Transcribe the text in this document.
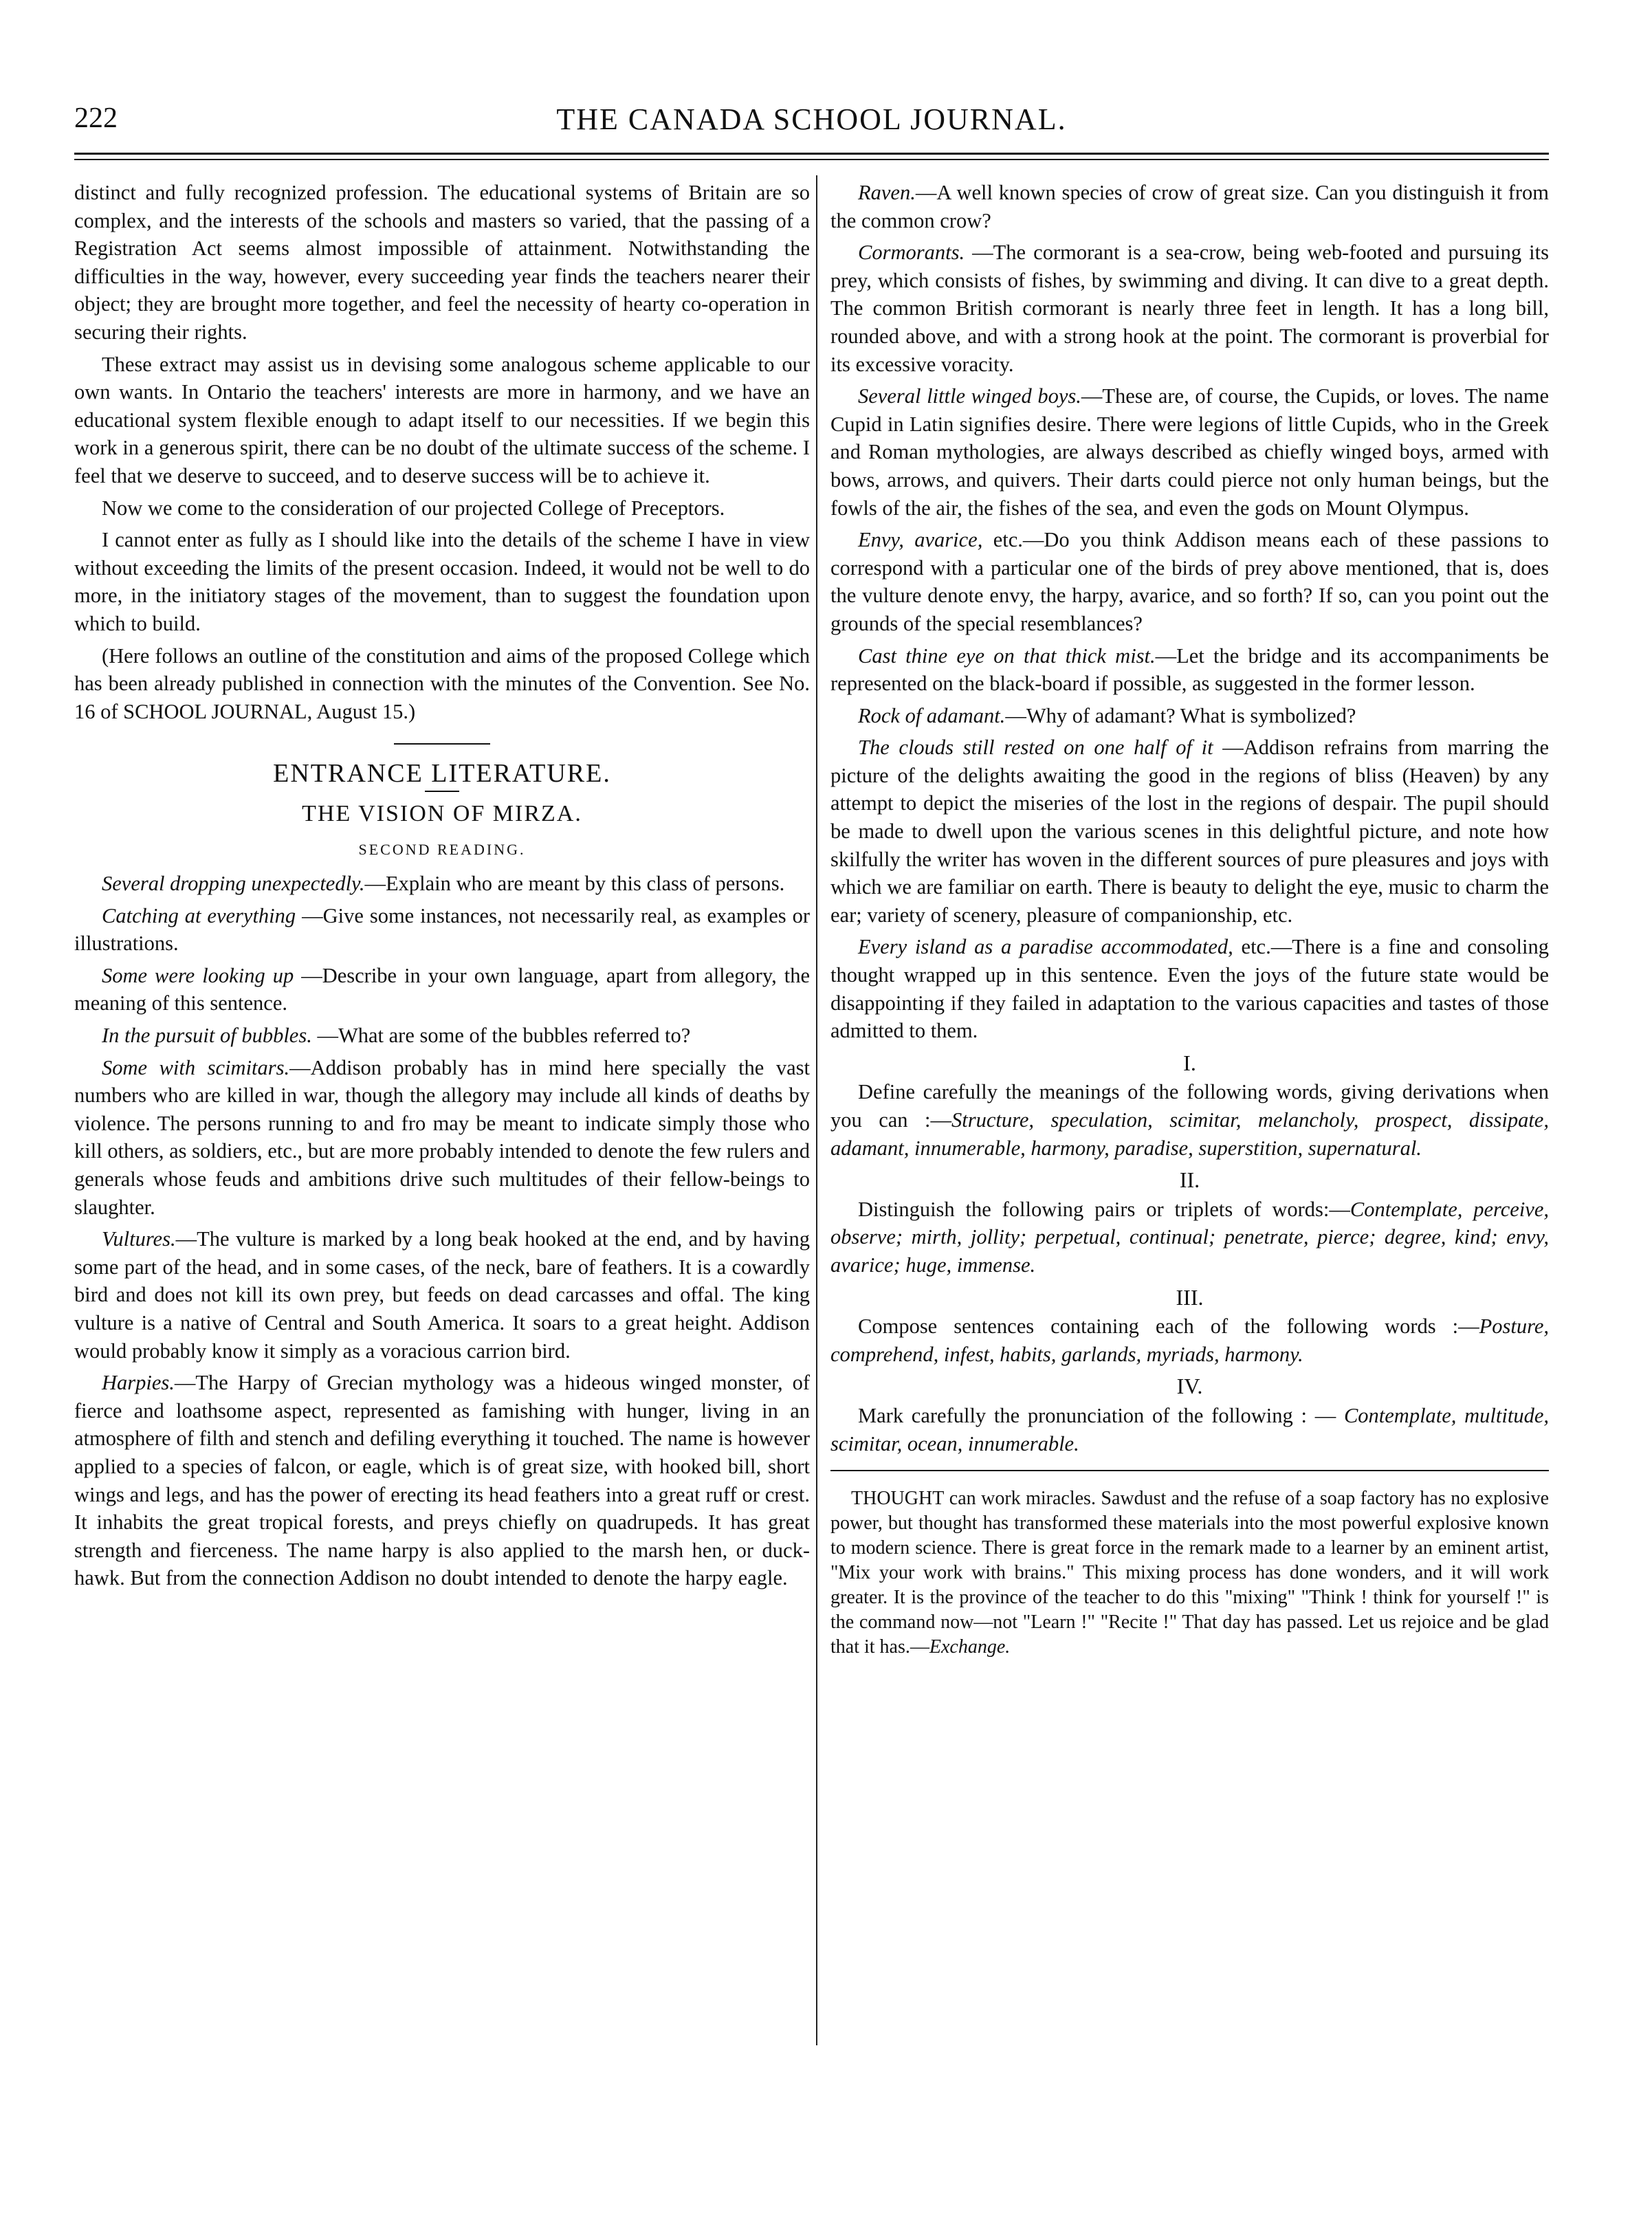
222	THE CANADA SCHOOL JOURNAL.

distinct and fully recognized profession. The educational systems of Britain are so complex, and the interests of the schools and masters so varied, that the passing of a Registration Act seems almost impossible of attainment. Notwithstanding the difficulties in the way, however, every succeeding year finds the teachers nearer their object; they are brought more together, and feel the necessity of hearty co-operation in securing their rights.

These extract may assist us in devising some analogous scheme applicable to our own wants. In Ontario the teachers' interests are more in harmony, and we have an educational system flexible enough to adapt itself to our necessities. If we begin this work in a generous spirit, there can be no doubt of the ultimate success of the scheme. I feel that we deserve to succeed, and to deserve success will be to achieve it.

Now we come to the consideration of our projected College of Preceptors.

I cannot enter as fully as I should like into the details of the scheme I have in view without exceeding the limits of the present occasion. Indeed, it would not be well to do more, in the initiatory stages of the movement, than to suggest the foundation upon which to build.

(Here follows an outline of the constitution and aims of the proposed College which has been already published in connection with the minutes of the Convention. See No. 16 of SCHOOL JOURNAL, August 15.)

ENTRANCE LITERATURE.
THE VISION OF MIRZA.
SECOND READING.

Several dropping unexpectedly.—Explain who are meant by this class of persons.

Catching at everything —Give some instances, not necessarily real, as examples or illustrations.

Some were looking up —Describe in your own language, apart from allegory, the meaning of this sentence.

In the pursuit of bubbles. —What are some of the bubbles referred to?

Some with scimitars.—Addison probably has in mind here specially the vast numbers who are killed in war, though the allegory may include all kinds of deaths by violence. The persons running to and fro may be meant to indicate simply those who kill others, as soldiers, etc., but are more probably intended to denote the few rulers and generals whose feuds and ambitions drive such multitudes of their fellow-beings to slaughter.

Vultures.—The vulture is marked by a long beak hooked at the end, and by having some part of the head, and in some cases, of the neck, bare of feathers. It is a cowardly bird and does not kill its own prey, but feeds on dead carcasses and offal. The king vulture is a native of Central and South America. It soars to a great height. Addison would probably know it simply as a voracious carrion bird.

Harpies.—The Harpy of Grecian mythology was a hideous winged monster, of fierce and loathsome aspect, represented as famishing with hunger, living in an atmosphere of filth and stench and defiling everything it touched. The name is however applied to a species of falcon, or eagle, which is of great size, with hooked bill, short wings and legs, and has the power of erecting its head feathers into a great ruff or crest. It inhabits the great tropical forests, and preys chiefly on quadrupeds. It has great strength and fierceness. The name harpy is also applied to the marsh hen, or duck-hawk. But from the connection Addison no doubt intended to denote the harpy eagle.

Raven.—A well known species of crow of great size. Can you distinguish it from the common crow?

Cormorants. —The cormorant is a sea-crow, being web-footed and pursuing its prey, which consists of fishes, by swimming and diving. It can dive to a great depth. The common British cormorant is nearly three feet in length. It has a long bill, rounded above, and with a strong hook at the point. The cormorant is proverbial for its excessive voracity.

Several little winged boys.—These are, of course, the Cupids, or loves. The name Cupid in Latin signifies desire. There were legions of little Cupids, who in the Greek and Roman mythologies, are always described as chiefly winged boys, armed with bows, arrows, and quivers. Their darts could pierce not only human beings, but the fowls of the air, the fishes of the sea, and even the gods on Mount Olympus.

Envy, avarice, etc.—Do you think Addison means each of these passions to correspond with a particular one of the birds of prey above mentioned, that is, does the vulture denote envy, the harpy, avarice, and so forth? If so, can you point out the grounds of the special resemblances?

Cast thine eye on that thick mist.—Let the bridge and its accompaniments be represented on the black-board if possible, as suggested in the former lesson.

Rock of adamant.—Why of adamant? What is symbolized?

The clouds still rested on one half of it —Addison refrains from marring the picture of the delights awaiting the good in the regions of bliss (Heaven) by any attempt to depict the miseries of the lost in the regions of despair. The pupil should be made to dwell upon the various scenes in this delightful picture, and note how skilfully the writer has woven in the different sources of pure pleasures and joys with which we are familiar on earth. There is beauty to delight the eye, music to charm the ear; variety of scenery, pleasure of companionship, etc.

Every island as a paradise accommodated, etc.—There is a fine and consoling thought wrapped up in this sentence. Even the joys of the future state would be disappointing if they failed in adaptation to the various capacities and tastes of those admitted to them.

I.

Define carefully the meanings of the following words, giving derivations when you can :—Structure, speculation, scimitar, melancholy, prospect, dissipate, adamant, innumerable, harmony, paradise, superstition, supernatural.

II.

Distinguish the following pairs or triplets of words:—Contemplate, perceive, observe; mirth, jollity; perpetual, continual; penetrate, pierce; degree, kind; envy, avarice; huge, immense.

III.

Compose sentences containing each of the following words :—Posture, comprehend, infest, habits, garlands, myriads, harmony.

IV.

Mark carefully the pronunciation of the following : — Contemplate, multitude, scimitar, ocean, innumerable.

THOUGHT can work miracles. Sawdust and the refuse of a soap factory has no explosive power, but thought has transformed these materials into the most powerful explosive known to modern science. There is great force in the remark made to a learner by an eminent artist, "Mix your work with brains." This mixing process has done wonders, and it will work greater. It is the province of the teacher to do this "mixing" "Think ! think for yourself !" is the command now—not "Learn !" "Recite !" That day has passed. Let us rejoice and be glad that it has.—Exchange.
